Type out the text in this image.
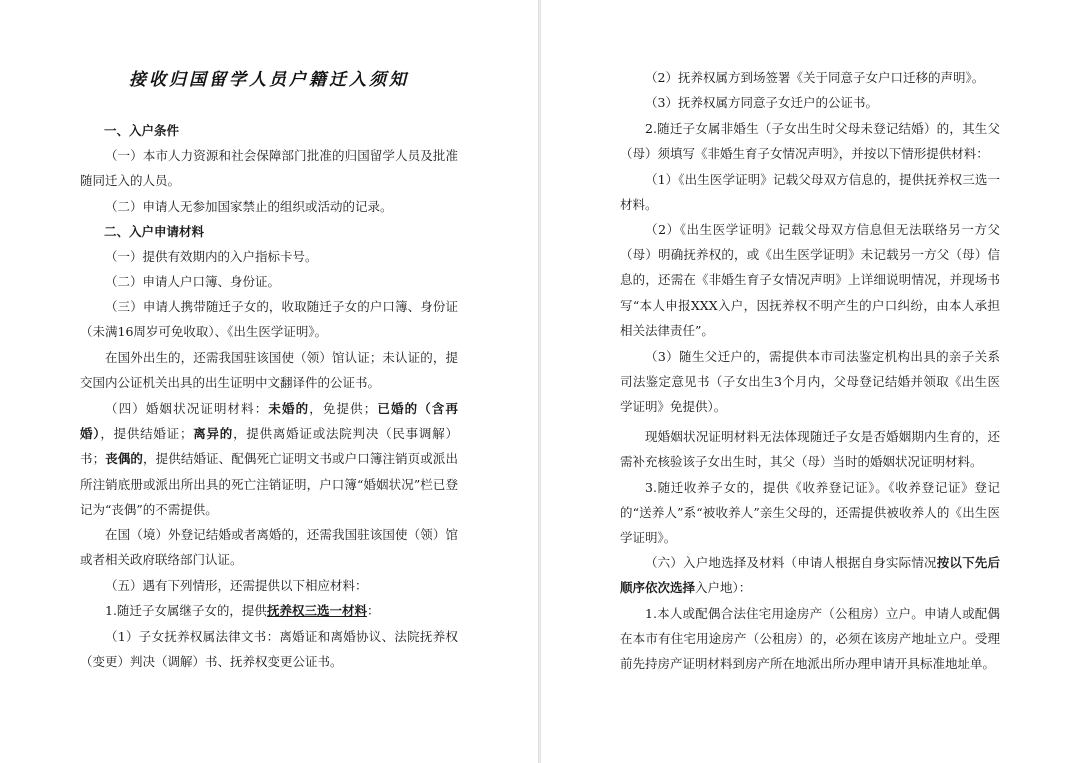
接收归国留学人员户籍迁入须知

一、入户条件

（一）本市人力资源和社会保障部门批准的归国留学人员及批准随同迁入的人员。

（二）申请人无参加国家禁止的组织或活动的记录。

二、入户申请材料

（一）提供有效期内的入户指标卡号。

（二）申请人户口簿、身份证。

（三）申请人携带随迁子女的，收取随迁子女的户口簿、身份证（未满16周岁可免收取）、《出生医学证明》。

在国外出生的，还需我国驻该国使（领）馆认证；未认证的，提交国内公证机关出具的出生证明中文翻译件的公证书。

（四）婚姻状况证明材料：未婚的，免提供；已婚的（含再婚），提供结婚证；离异的，提供离婚证或法院判决（民事调解）书；丧偶的，提供结婚证、配偶死亡证明文书或户口簿注销页或派出所注销底册或派出所出具的死亡注销证明，户口簿“婚姻状况”栏已登记为“丧偶”的不需提供。

在国（境）外登记结婚或者离婚的，还需我国驻该国使（领）馆或者相关政府联络部门认证。

（五）遇有下列情形，还需提供以下相应材料：

1.随迁子女属继子女的，提供抚养权三选一材料：

（1）子女抚养权属法律文书：离婚证和离婚协议、法院抚养权（变更）判决（调解）书、抚养权变更公证书。

（2）抚养权属方到场签署《关于同意子女户口迁移的声明》。

（3）抚养权属方同意子女迁户的公证书。

2.随迁子女属非婚生（子女出生时父母未登记结婚）的，其生父（母）须填写《非婚生育子女情况声明》，并按以下情形提供材料：

（1）《出生医学证明》记载父母双方信息的，提供抚养权三选一材料。

（2）《出生医学证明》记载父母双方信息但无法联络另一方父（母）明确抚养权的，或《出生医学证明》未记载另一方父（母）信息的，还需在《非婚生育子女情况声明》上详细说明情况，并现场书写“本人申报XXX入户，因抚养权不明产生的户口纠纷，由本人承担相关法律责任”。

（3）随生父迁户的，需提供本市司法鉴定机构出具的亲子关系司法鉴定意见书（子女出生3个月内，父母登记结婚并领取《出生医学证明》免提供）。

现婚姻状况证明材料无法体现随迁子女是否婚姻期内生育的，还需补充核验该子女出生时，其父（母）当时的婚姻状况证明材料。

3.随迁收养子女的，提供《收养登记证》。《收养登记证》登记的“送养人”系“被收养人”亲生父母的，还需提供被收养人的《出生医学证明》。

（六）入户地选择及材料（申请人根据自身实际情况按以下先后顺序依次选择入户地）：

1.本人或配偶合法住宅用途房产（公租房）立户。申请人或配偶在本市有住宅用途房产（公租房）的，必须在该房产地址立户。受理前先持房产证明材料到房产所在地派出所办理申请开具标准地址单。
